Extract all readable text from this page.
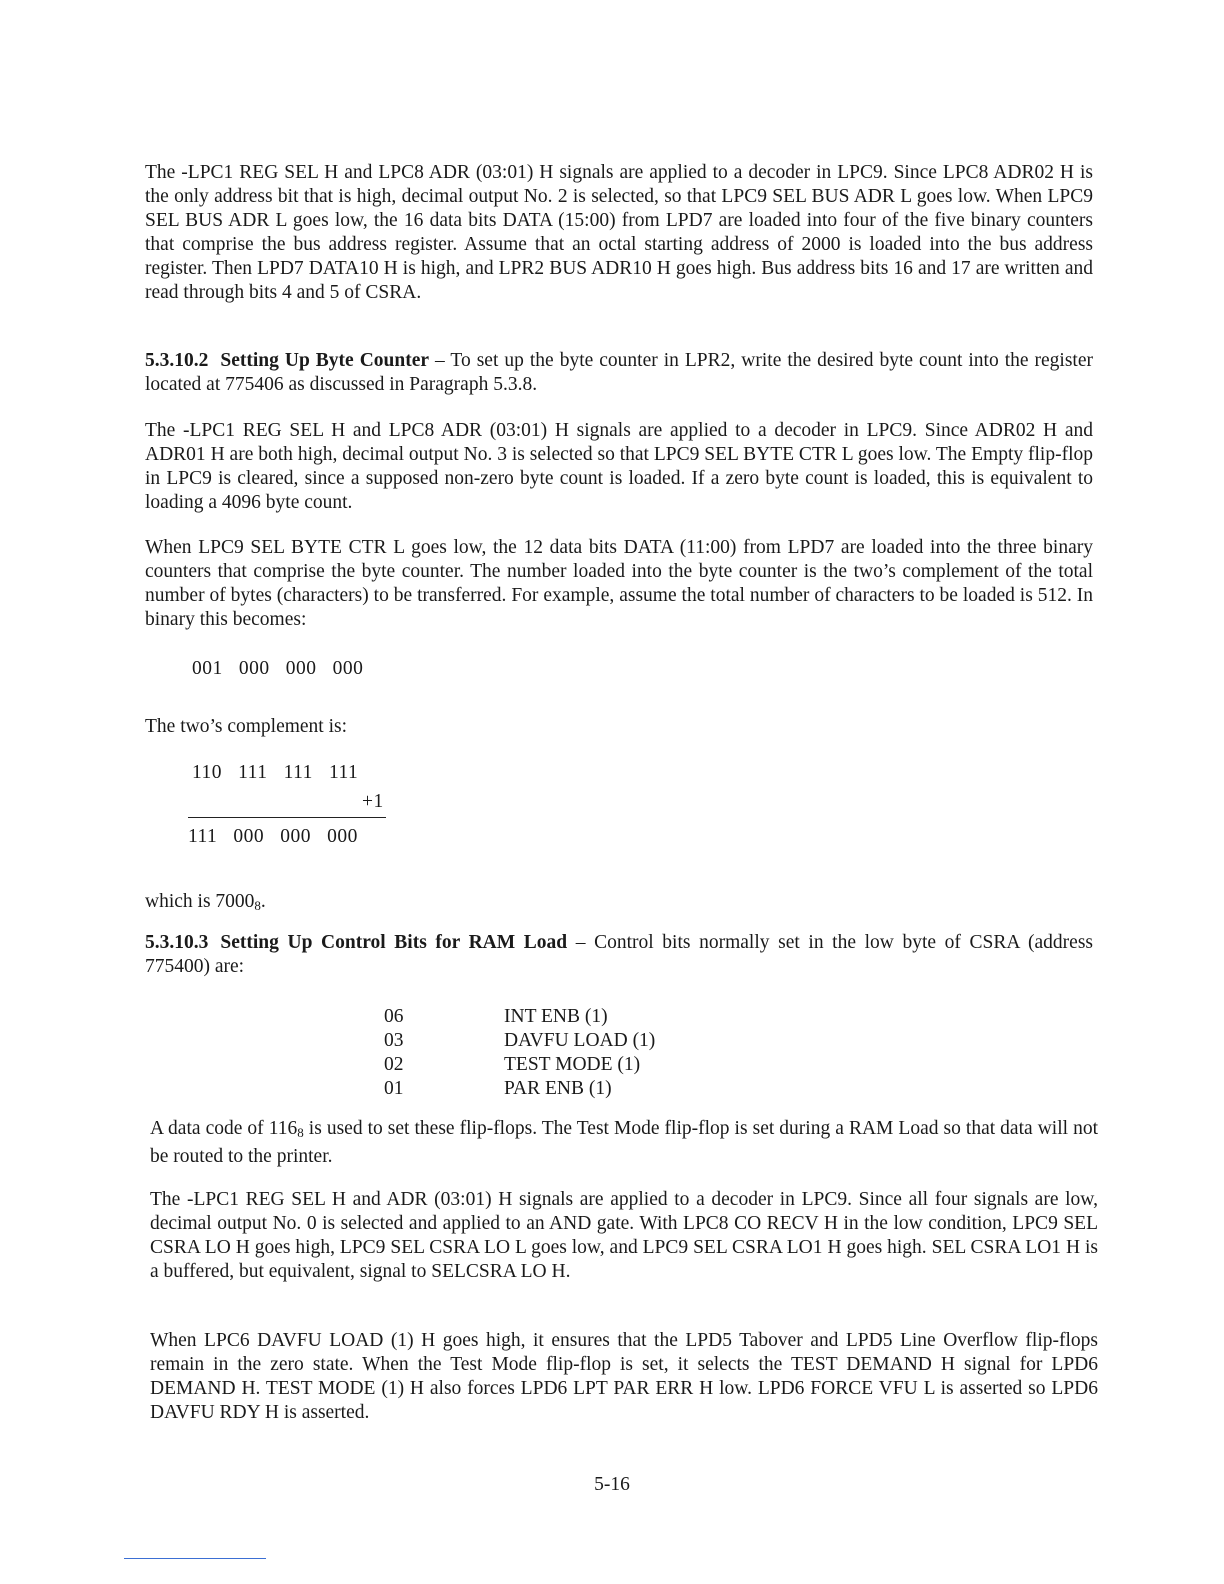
The -LPC1 REG SEL H and LPC8 ADR (03:01) H signals are applied to a decoder in LPC9. Since LPC8 ADR02 H is the only address bit that is high, decimal output No. 2 is selected, so that LPC9 SEL BUS ADR L goes low. When LPC9 SEL BUS ADR L goes low, the 16 data bits DATA (15:00) from LPD7 are loaded into four of the five binary counters that comprise the bus address register. Assume that an octal starting address of 2000 is loaded into the bus address register. Then LPD7 DATA10 H is high, and LPR2 BUS ADR10 H goes high. Bus address bits 16 and 17 are written and read through bits 4 and 5 of CSRA.

5.3.10.2 Setting Up Byte Counter – To set up the byte counter in LPR2, write the desired byte count into the register located at 775406 as discussed in Paragraph 5.3.8.

The -LPC1 REG SEL H and LPC8 ADR (03:01) H signals are applied to a decoder in LPC9. Since ADR02 H and ADR01 H are both high, decimal output No. 3 is selected so that LPC9 SEL BYTE CTR L goes low. The Empty flip-flop in LPC9 is cleared, since a supposed non-zero byte count is loaded. If a zero byte count is loaded, this is equivalent to loading a 4096 byte count.

When LPC9 SEL BYTE CTR L goes low, the 12 data bits DATA (11:00) from LPD7 are loaded into the three binary counters that comprise the byte counter. The number loaded into the byte counter is the two’s complement of the total number of bytes (characters) to be transferred. For example, assume the total number of characters to be loaded is 512. In binary this becomes:

001   000   000   000

The two’s complement is:

110   111   111   111
+1
111   000   000   000

which is $7000_8$.

5.3.10.3 Setting Up Control Bits for RAM Load – Control bits normally set in the low byte of CSRA (address 775400) are:

06	INT ENB (1)
03	DAVFU LOAD (1)
02	TEST MODE (1)
01	PAR ENB (1)

A data code of $116_8$ is used to set these flip-flops. The Test Mode flip-flop is set during a RAM Load so that data will not be routed to the printer.

The -LPC1 REG SEL H and ADR (03:01) H signals are applied to a decoder in LPC9. Since all four signals are low, decimal output No. 0 is selected and applied to an AND gate. With LPC8 CO RECV H in the low condition, LPC9 SEL CSRA LO H goes high, LPC9 SEL CSRA LO L goes low, and LPC9 SEL CSRA LO1 H goes high. SEL CSRA LO1 H is a buffered, but equivalent, signal to SELCSRA LO H.

When LPC6 DAVFU LOAD (1) H goes high, it ensures that the LPD5 Tabover and LPD5 Line Overflow flip-flops remain in the zero state. When the Test Mode flip-flop is set, it selects the TEST DEMAND H signal for LPD6 DEMAND H. TEST MODE (1) H also forces LPD6 LPT PAR ERR H low. LPD6 FORCE VFU L is asserted so LPD6 DAVFU RDY H is asserted.

5-16
